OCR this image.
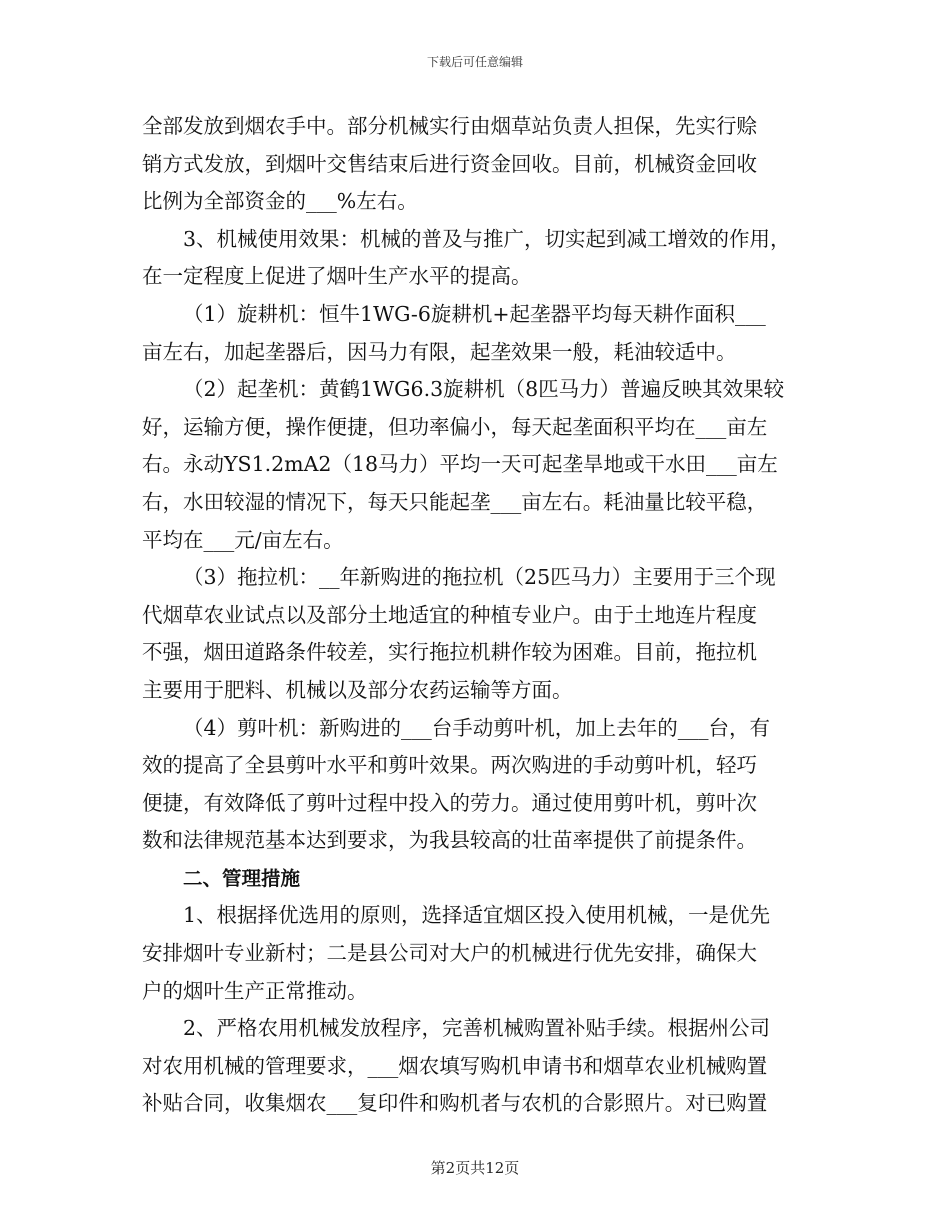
下载后可任意编辑
全部发放到烟农手中。部分机械实行由烟草站负责人担保，先实行赊
销方式发放，到烟叶交售结束后进行资金回收。目前，机械资金回收
比例为全部资金的___%左右。
3、机械使用效果：机械的普及与推广，切实起到减工增效的作用，
在一定程度上促进了烟叶生产水平的提高。
（1）旋耕机：恒牛1WG-6旋耕机+起垄器平均每天耕作面积___
亩左右，加起垄器后，因马力有限，起垄效果一般，耗油较适中。
（2）起垄机：黄鹤1WG6.3旋耕机（8匹马力）普遍反映其效果较
好，运输方便，操作便捷，但功率偏小，每天起垄面积平均在___亩左
右。永动YS1.2mA2（18马力）平均一天可起垄旱地或干水田___亩左
右，水田较湿的情况下，每天只能起垄___亩左右。耗油量比较平稳，
平均在___元/亩左右。
（3）拖拉机：__年新购进的拖拉机（25匹马力）主要用于三个现
代烟草农业试点以及部分土地适宜的种植专业户。由于土地连片程度
不强，烟田道路条件较差，实行拖拉机耕作较为困难。目前，拖拉机
主要用于肥料、机械以及部分农药运输等方面。
（4）剪叶机：新购进的___台手动剪叶机，加上去年的___台，有
效的提高了全县剪叶水平和剪叶效果。两次购进的手动剪叶机，轻巧
便捷，有效降低了剪叶过程中投入的劳力。通过使用剪叶机，剪叶次
数和法律规范基本达到要求，为我县较高的壮苗率提供了前提条件。
二、管理措施
1、根据择优选用的原则，选择适宜烟区投入使用机械，一是优先
安排烟叶专业新村；二是县公司对大户的机械进行优先安排，确保大
户的烟叶生产正常推动。
2、严格农用机械发放程序，完善机械购置补贴手续。根据州公司
对农用机械的管理要求，___烟农填写购机申请书和烟草农业机械购置
补贴合同，收集烟农___复印件和购机者与农机的合影照片。对已购置
第2页共12页
